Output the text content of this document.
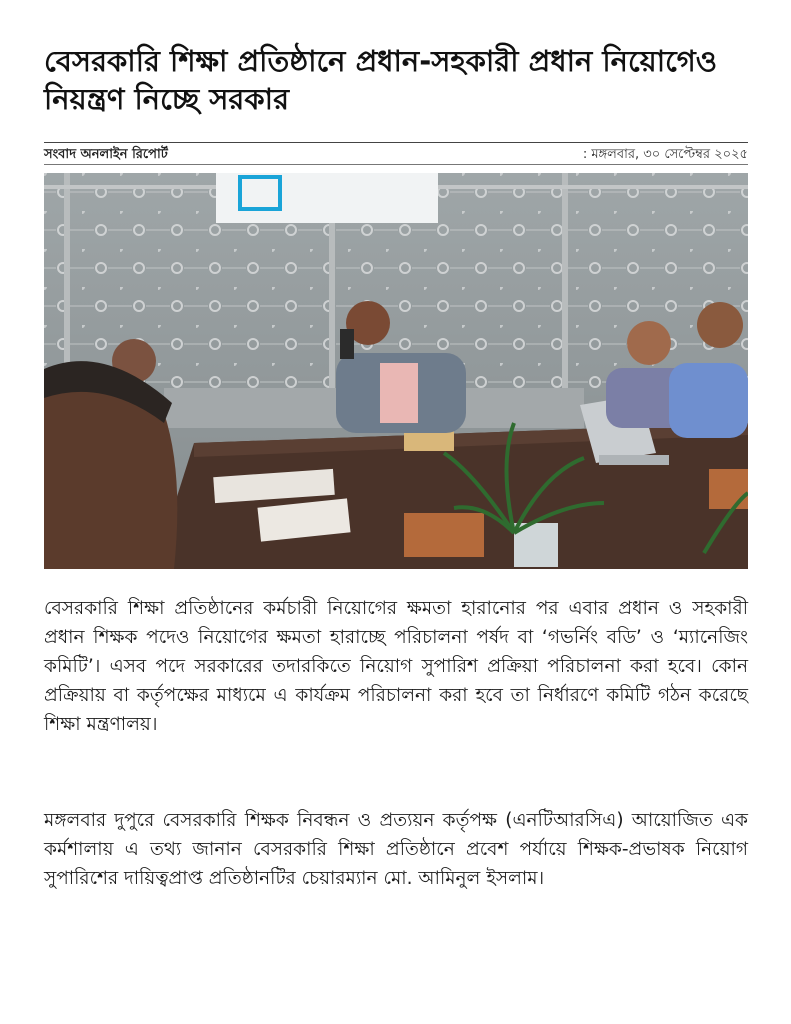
বেসরকারি শিক্ষা প্রতিষ্ঠানে প্রধান-সহকারী প্রধান নিয়োগেও নিয়ন্ত্রণ নিচ্ছে সরকার
সংবাদ অনলাইন রিপোর্ট	: মঙ্গলবার, ৩০ সেপ্টেম্বর ২০২৫

বেসরকারি শিক্ষা প্রতিষ্ঠানের কর্মচারী নিয়োগের ক্ষমতা হারানোর পর এবার প্রধান ও সহকারী প্রধান শিক্ষক পদেও নিয়োগের ক্ষমতা হারাচ্ছে পরিচালনা পর্ষদ বা ‘গভর্নিং বডি’ ও ‘ম্যানেজিং কমিটি’। এসব পদে সরকারের তদারকিতে নিয়োগ সুপারিশ প্রক্রিয়া পরিচালনা করা হবে। কোন প্রক্রিয়ায় বা কর্তৃপক্ষের মাধ্যমে এ কার্যক্রম পরিচালনা করা হবে তা নির্ধারণে কমিটি গঠন করেছে শিক্ষা মন্ত্রণালয়।

মঙ্গলবার দুপুরে বেসরকারি শিক্ষক নিবন্ধন ও প্রত্যয়ন কর্তৃপক্ষ (এনটিআরসিএ) আয়োজিত এক কর্মশালায় এ তথ্য জানান বেসরকারি শিক্ষা প্রতিষ্ঠানে প্রবেশ পর্যায়ে শিক্ষক-প্রভাষক নিয়োগ সুপারিশের দায়িত্বপ্রাপ্ত প্রতিষ্ঠানটির চেয়ারম্যান মো. আমিনুল ইসলাম।
